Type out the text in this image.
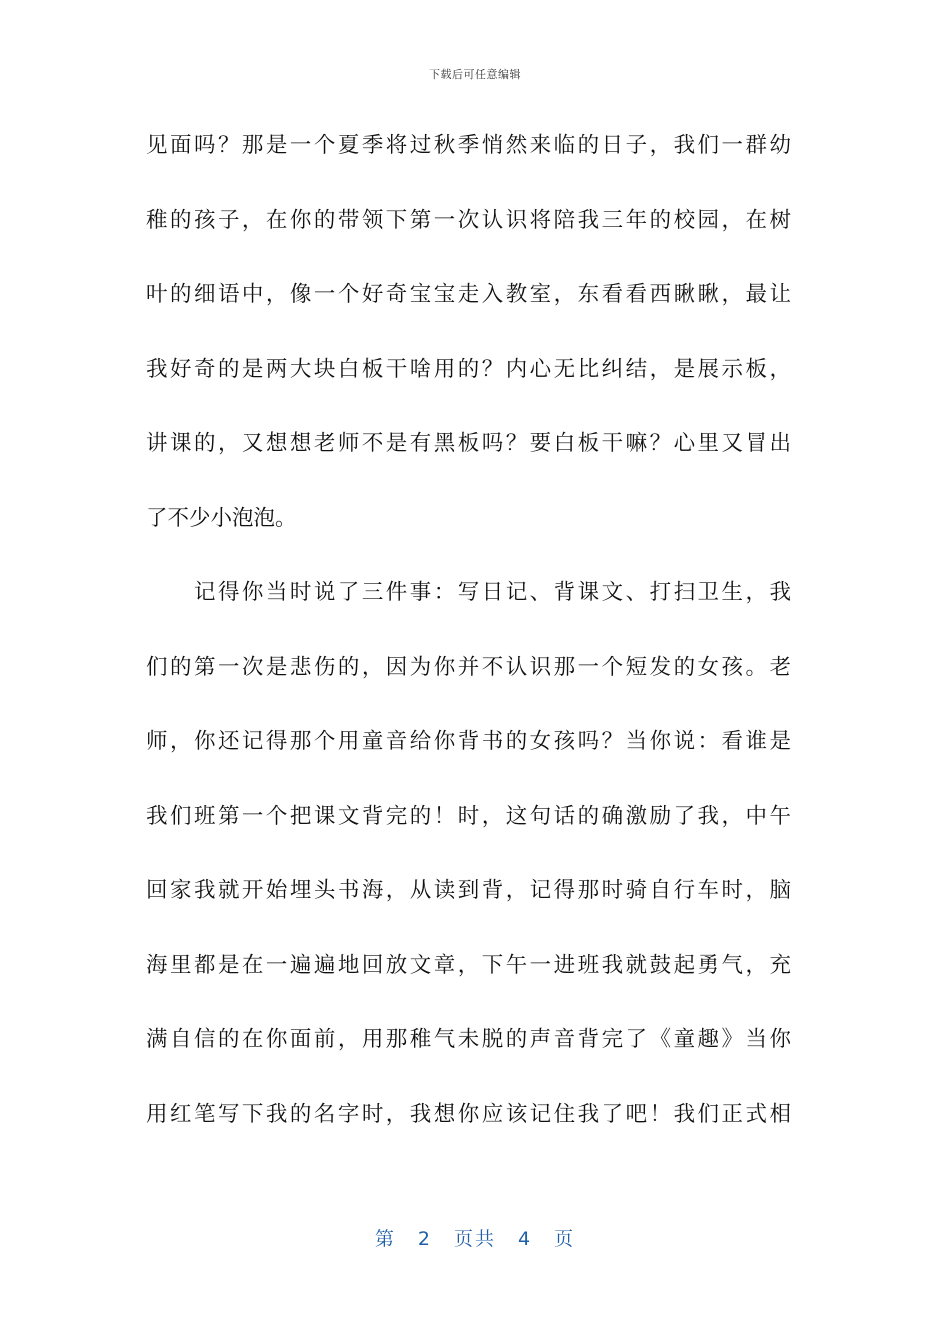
下载后可任意编辑
见面吗？那是一个夏季将过秋季悄然来临的日子，我们一群幼
稚的孩子，在你的带领下第一次认识将陪我三年的校园，在树
叶的细语中，像一个好奇宝宝走入教室，东看看西瞅瞅，最让
我好奇的是两大块白板干啥用的？内心无比纠结，是展示板，
讲课的，又想想老师不是有黑板吗？要白板干嘛？心里又冒出
了不少小泡泡。
　　记得你当时说了三件事：写日记、背课文、打扫卫生，我
们的第一次是悲伤的，因为你并不认识那一个短发的女孩。老
师，你还记得那个用童音给你背书的女孩吗？当你说：看谁是
我们班第一个把课文背完的！时，这句话的确激励了我，中午
回家我就开始埋头书海，从读到背，记得那时骑自行车时，脑
海里都是在一遍遍地回放文章，下午一进班我就鼓起勇气，充
满自信的在你面前，用那稚气未脱的声音背完了《童趣》当你
用红笔写下我的名字时，我想你应该记住我了吧！我们正式相
第 2 页共 4 页
